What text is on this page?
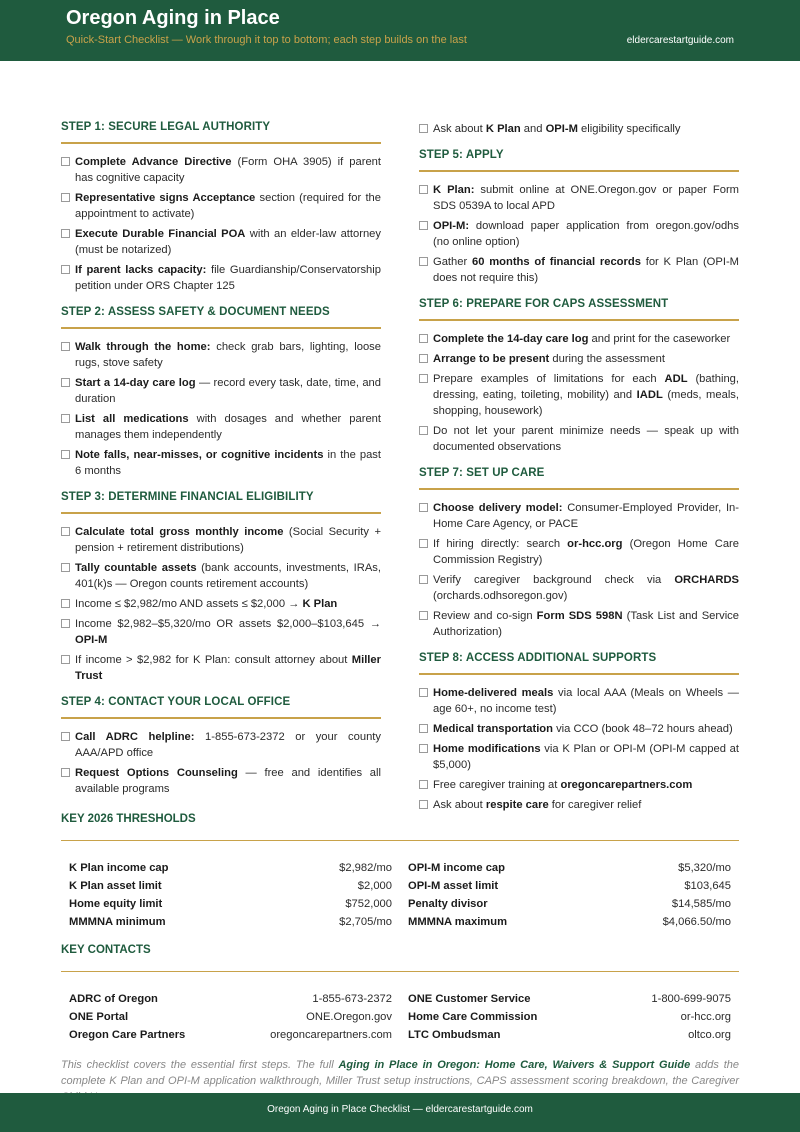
Oregon Aging in Place
Quick-Start Checklist — Work through it top to bottom; each step builds on the last	eldercarestartguide.com
STEP 1: SECURE LEGAL AUTHORITY
Complete Advance Directive (Form OHA 3905) if parent has cognitive capacity
Representative signs Acceptance section (required for the appointment to activate)
Execute Durable Financial POA with an elder-law attorney (must be notarized)
If parent lacks capacity: file Guardianship/Conservatorship petition under ORS Chapter 125
STEP 2: ASSESS SAFETY & DOCUMENT NEEDS
Walk through the home: check grab bars, lighting, loose rugs, stove safety
Start a 14-day care log — record every task, date, time, and duration
List all medications with dosages and whether parent manages them independently
Note falls, near-misses, or cognitive incidents in the past 6 months
STEP 3: DETERMINE FINANCIAL ELIGIBILITY
Calculate total gross monthly income (Social Security + pension + retirement distributions)
Tally countable assets (bank accounts, investments, IRAs, 401(k)s — Oregon counts retirement accounts)
Income ≤ $2,982/mo AND assets ≤ $2,000 → K Plan
Income $2,982–$5,320/mo OR assets $2,000–$103,645 → OPI-M
If income > $2,982 for K Plan: consult attorney about Miller Trust
STEP 4: CONTACT YOUR LOCAL OFFICE
Call ADRC helpline: 1-855-673-2372 or your county AAA/APD office
Request Options Counseling — free and identifies all available programs
Ask about K Plan and OPI-M eligibility specifically
STEP 5: APPLY
K Plan: submit online at ONE.Oregon.gov or paper Form SDS 0539A to local APD
OPI-M: download paper application from oregon.gov/odhs (no online option)
Gather 60 months of financial records for K Plan (OPI-M does not require this)
STEP 6: PREPARE FOR CAPS ASSESSMENT
Complete the 14-day care log and print for the caseworker
Arrange to be present during the assessment
Prepare examples of limitations for each ADL (bathing, dressing, eating, toileting, mobility) and IADL (meds, meals, shopping, housework)
Do not let your parent minimize needs — speak up with documented observations
STEP 7: SET UP CARE
Choose delivery model: Consumer-Employed Provider, In-Home Care Agency, or PACE
If hiring directly: search or-hcc.org (Oregon Home Care Commission Registry)
Verify caregiver background check via ORCHARDS (orchards.odhsoregon.gov)
Review and co-sign Form SDS 598N (Task List and Service Authorization)
STEP 8: ACCESS ADDITIONAL SUPPORTS
Home-delivered meals via local AAA (Meals on Wheels — age 60+, no income test)
Medical transportation via CCO (book 48–72 hours ahead)
Home modifications via K Plan or OPI-M (OPI-M capped at $5,000)
Free caregiver training at oregoncarepartners.com
Ask about respite care for caregiver relief
KEY 2026 THRESHOLDS
K Plan income cap	$2,982/mo OPI-M income cap	$5,320/mo
K Plan asset limit	$2,000 OPI-M asset limit	$103,645
Home equity limit	$752,000 Penalty divisor	$14,585/mo
MMMNA minimum	$2,705/mo MMMNA maximum	$4,066.50/mo
KEY CONTACTS
ADRC of Oregon	1-855-673-2372 ONE Customer Service	1-800-699-9075
ONE Portal	ONE.Oregon.gov Home Care Commission	or-hcc.org
Oregon Care Partners	oregoncarepartners.com LTC Ombudsman	oltco.org
This checklist covers the essential first steps. The full Aging in Place in Oregon: Home Care, Waivers & Support Guide adds the complete K Plan and OPI-M application walkthrough, Miller Trust setup instructions, CAPS assessment scoring breakdown, the Caregiver
Oregon Aging in Place Checklist — eldercarestartguide.com
